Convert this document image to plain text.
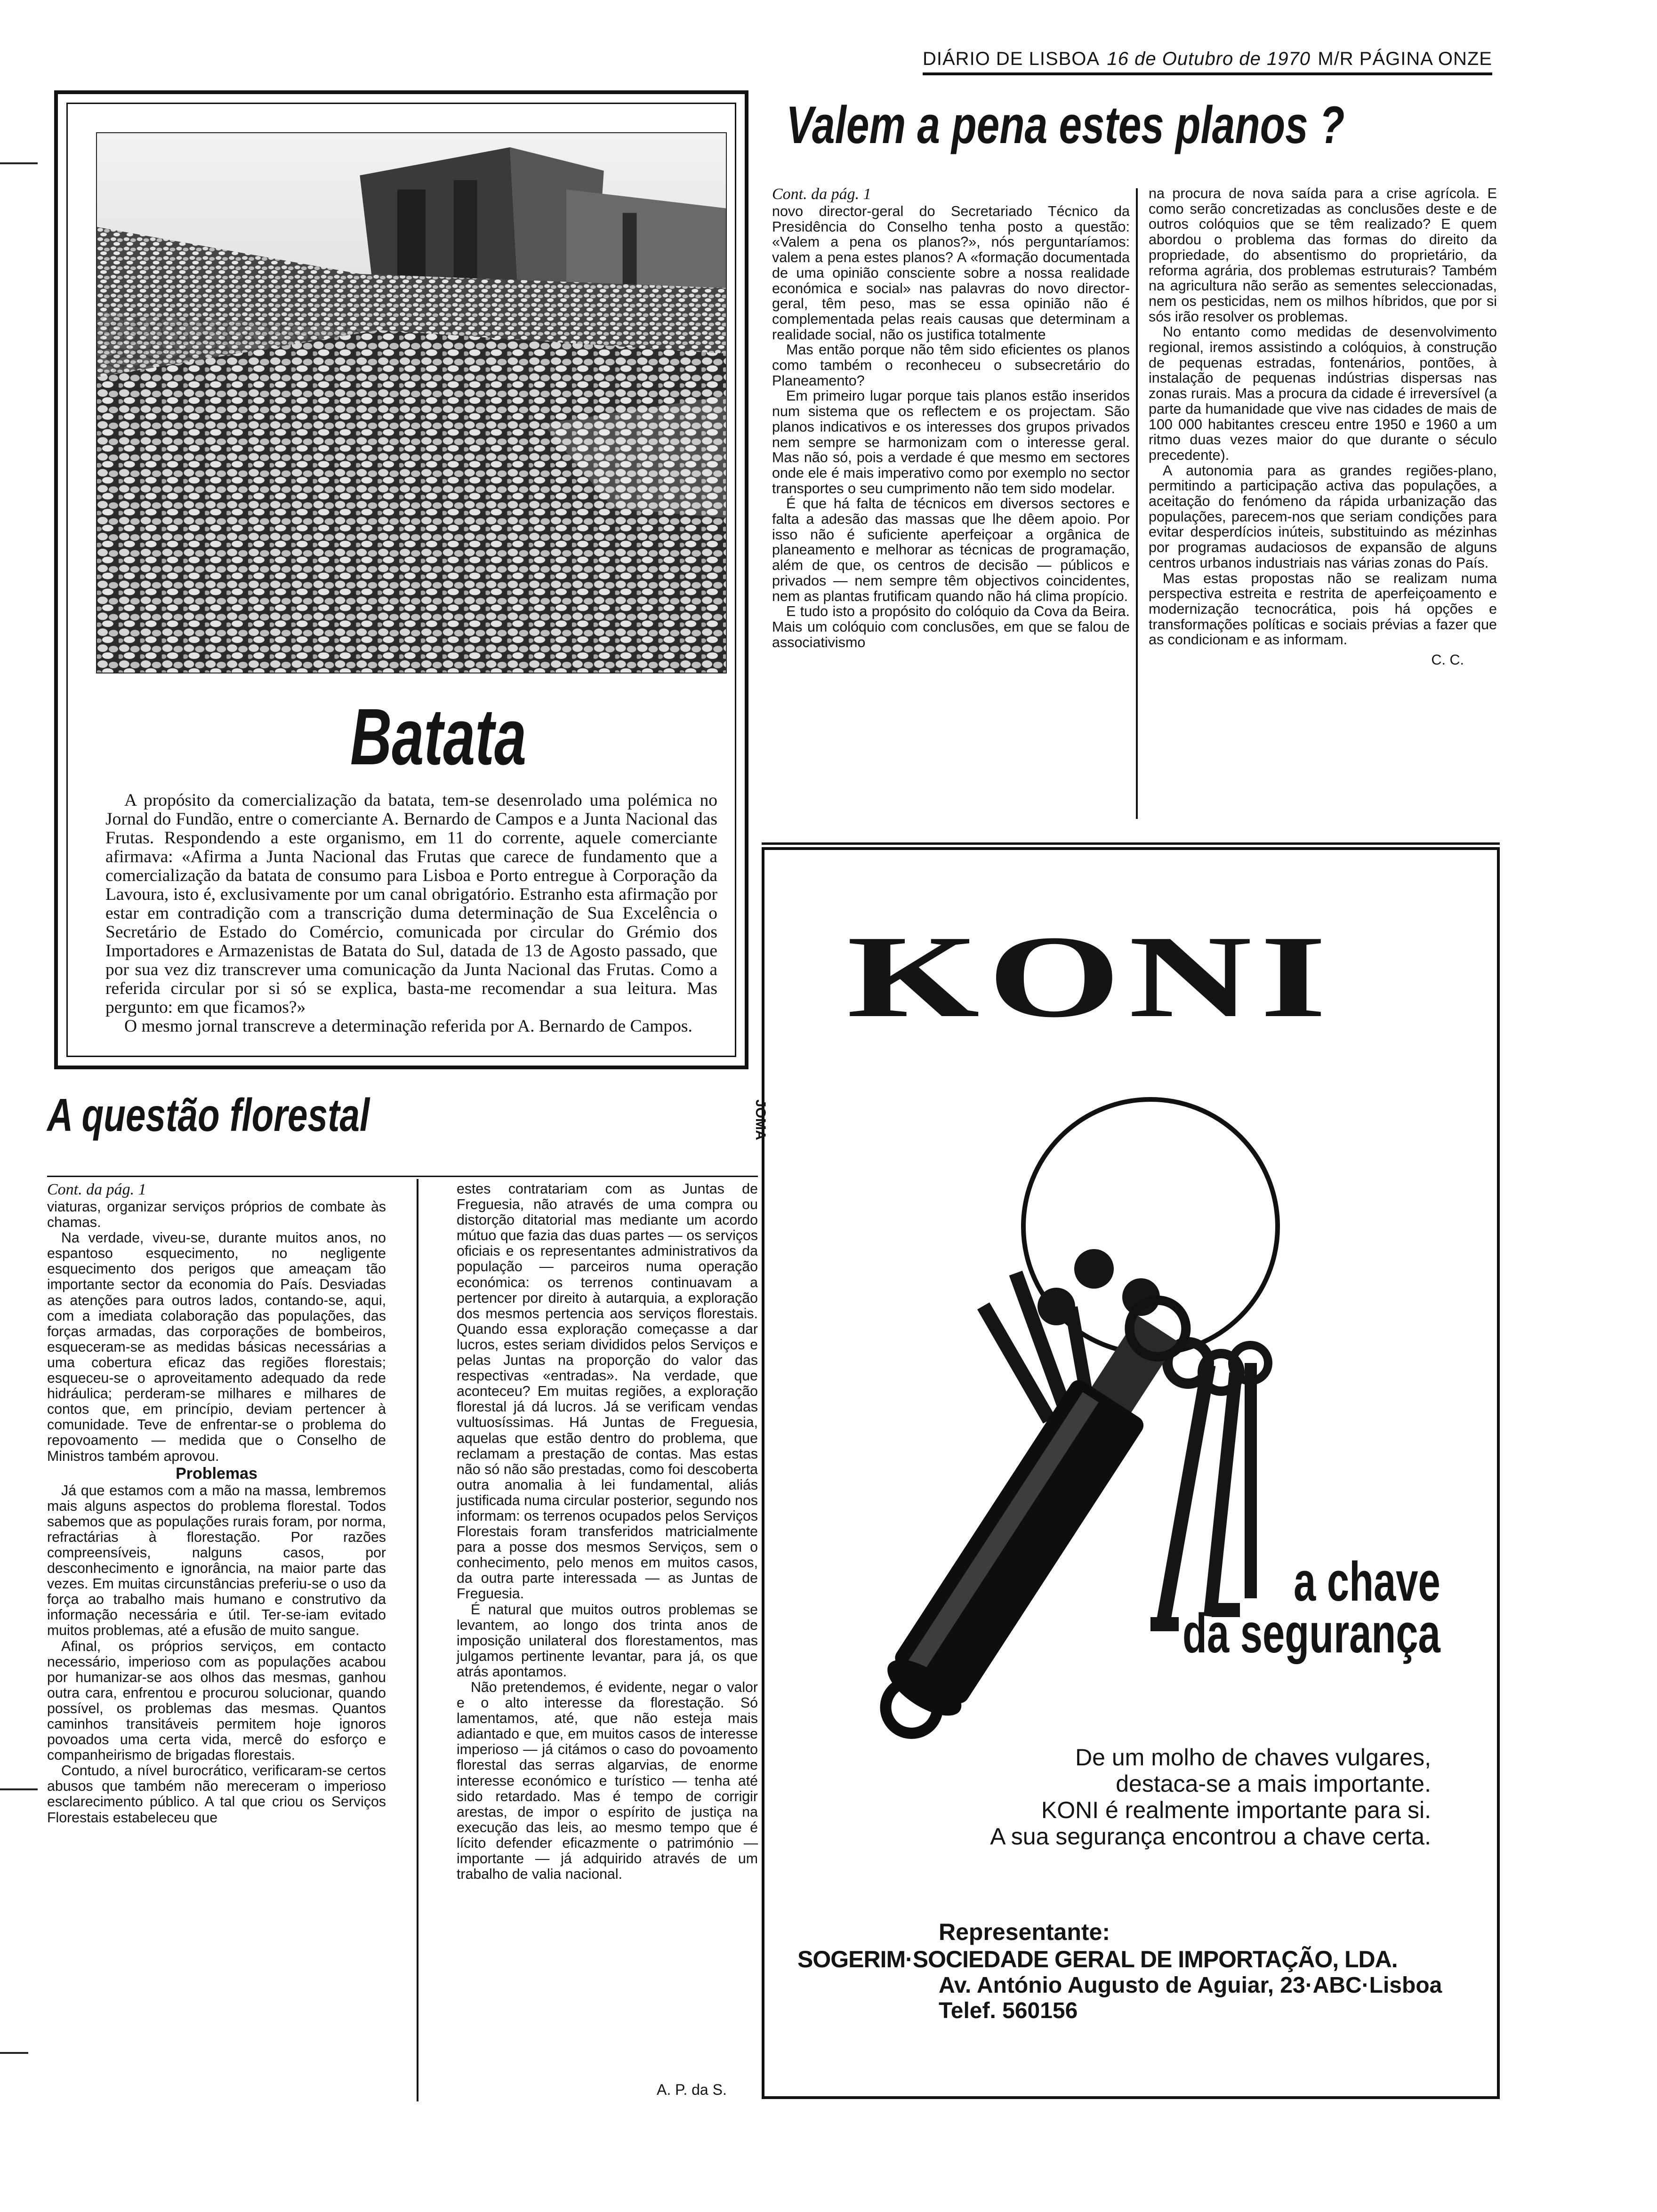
DIÁRIO DE LISBOA 16 de Outubro de 1970 M/R PÁGINA ONZE
Batata

A propósito da comercialização da batata, tem-se desenrolado uma polémica no Jornal do Fundão, entre o comerciante A. Bernardo de Campos e a Junta Nacional das Frutas. Respondendo a este organismo, em 11 do corrente, aquele comerciante afirmava: «Afirma a Junta Nacional das Frutas que carece de fundamento que a comercialização da batata de consumo para Lisboa e Porto entregue à Corporação da Lavoura, isto é, exclusivamente por um canal obrigatório. Estranho esta afirmação por estar em contradição com a transcrição duma determinação de Sua Excelência o Secretário de Estado do Comércio, comunicada por circular do Grémio dos Importadores e Armazenistas de Batata do Sul, datada de 13 de Agosto passado, que por sua vez diz transcrever uma comunicação da Junta Nacional das Frutas. Como a referida circular por si só se explica, basta-me recomendar a sua leitura. Mas pergunto: em que ficamos?»

O mesmo jornal transcreve a determinação referida por A. Bernardo de Campos.

Valem a pena estes planos ?
Cont. da pág. 1

novo director-geral do Secretariado Técnico da Presidência do Conselho tenha posto a questão: «Valem a pena os planos?», nós perguntaríamos: valem a pena estes planos? A «formação documentada de uma opinião consciente sobre a nossa realidade económica e social» nas palavras do novo director-geral, têm peso, mas se essa opinião não é complementada pelas reais causas que determinam a realidade social, não os justifica totalmente

Mas então porque não têm sido eficientes os planos como também o reconheceu o subsecretário do Planeamento?

Em primeiro lugar porque tais planos estão inseridos num sistema que os reflectem e os projectam. São planos indicativos e os interesses dos grupos privados nem sempre se harmonizam com o interesse geral. Mas não só, pois a verdade é que mesmo em sectores onde ele é mais imperativo como por exemplo no sector transportes o seu cumprimento não tem sido modelar.

É que há falta de técnicos em diversos sectores e falta a adesão das massas que lhe dêem apoio. Por isso não é suficiente aperfeiçoar a orgânica de planeamento e melhorar as técnicas de programação, além de que, os centros de decisão — públicos e privados — nem sempre têm objectivos coincidentes, nem as plantas frutificam quando não há clima propício.

E tudo isto a propósito do colóquio da Cova da Beira. Mais um colóquio com conclusões, em que se falou de associativismo

na procura de nova saída para a crise agrícola. E como serão concretizadas as conclusões deste e de outros colóquios que se têm realizado? E quem abordou o problema das formas do direito da propriedade, do absentismo do proprietário, da reforma agrária, dos problemas estruturais? Também na agricultura não serão as sementes seleccionadas, nem os pesticidas, nem os milhos híbridos, que por si sós irão resolver os problemas.

No entanto como medidas de desenvolvimento regional, iremos assistindo a colóquios, à construção de pequenas estradas, fontenários, pontões, à instalação de pequenas indústrias dispersas nas zonas rurais. Mas a procura da cidade é irreversível (a parte da humanidade que vive nas cidades de mais de 100 000 habitantes cresceu entre 1950 e 1960 a um ritmo duas vezes maior do que durante o século precedente).

A autonomia para as grandes regiões-plano, permitindo a participação activa das populações, a aceitação do fenómeno da rápida urbanização das populações, parecem-nos que seriam condições para evitar desperdícios inúteis, substituindo as mézinhas por programas audaciosos de expansão de alguns centros urbanos industriais nas várias zonas do País.

Mas estas propostas não se realizam numa perspectiva estreita e restrita de aperfeiçoamento e modernização tecnocrática, pois há opções e transformações políticas e sociais prévias a fazer que as condicionam e as informam.

C. C.
KONI
JOMA
a chave
da segurança
De um molho de chaves vulgares,
destaca-se a mais importante.
KONI é realmente importante para si.
A sua segurança encontrou a chave certa.
Representante:
SOGERIM·SOCIEDADE GERAL DE IMPORTAÇÃO, LDA.
Av. António Augusto de Aguiar, 23·ABC·Lisboa
Telef. 560156
A questão florestal
Cont. da pág. 1

viaturas, organizar serviços próprios de combate às chamas.

Na verdade, viveu-se, durante muitos anos, no espantoso esquecimento, no negligente esquecimento dos perigos que ameaçam tão importante sector da economia do País. Desviadas as atenções para outros lados, contando-se, aqui, com a imediata colaboração das populações, das forças armadas, das corporações de bombeiros, esqueceram-se as medidas básicas necessárias a uma cobertura eficaz das regiões florestais; esqueceu-se o aproveitamento adequado da rede hidráulica; perderam-se milhares e milhares de contos que, em princípio, deviam pertencer à comunidade. Teve de enfrentar-se o problema do repovoamento — medida que o Conselho de Ministros também aprovou.

Problemas

Já que estamos com a mão na massa, lembremos mais alguns aspectos do problema florestal. Todos sabemos que as populações rurais foram, por norma, refractárias à florestação. Por razões compreensíveis, nalguns casos, por desconhecimento e ignorância, na maior parte das vezes. Em muitas circunstâncias preferiu-se o uso da força ao trabalho mais humano e construtivo da informação necessária e útil. Ter-se-iam evitado muitos problemas, até a efusão de muito sangue.

Afinal, os próprios serviços, em contacto necessário, imperioso com as populações acabou por humanizar-se aos olhos das mesmas, ganhou outra cara, enfrentou e procurou solucionar, quando possível, os problemas das mesmas. Quantos caminhos transitáveis permitem hoje ignoros povoados uma certa vida, mercê do esforço e companheirismo de brigadas florestais.

Contudo, a nível burocrático, verificaram-se certos abusos que também não mereceram o imperioso esclarecimento público. A tal que criou os Serviços Florestais estabeleceu que

estes contratariam com as Juntas de Freguesia, não através de uma compra ou distorção ditatorial mas mediante um acordo mútuo que fazia das duas partes — os serviços oficiais e os representantes administrativos da população — parceiros numa operação económica: os terrenos continuavam a pertencer por direito à autarquia, a exploração dos mesmos pertencia aos serviços florestais. Quando essa exploração começasse a dar lucros, estes seriam divididos pelos Serviços e pelas Juntas na proporção do valor das respectivas «entradas». Na verdade, que aconteceu? Em muitas regiões, a exploração florestal já dá lucros. Já se verificam vendas vultuosíssimas. Há Juntas de Freguesia, aquelas que estão dentro do problema, que reclamam a prestação de contas. Mas estas não só não são prestadas, como foi descoberta outra anomalia à lei fundamental, aliás justificada numa circular posterior, segundo nos informam: os terrenos ocupados pelos Serviços Florestais foram transferidos matricialmente para a posse dos mesmos Serviços, sem o conhecimento, pelo menos em muitos casos, da outra parte interessada — as Juntas de Freguesia.

É natural que muitos outros problemas se levantem, ao longo dos trinta anos de imposição unilateral dos florestamentos, mas julgamos pertinente levantar, para já, os que atrás apontamos.

Não pretendemos, é evidente, negar o valor e o alto interesse da florestação. Só lamentamos, até, que não esteja mais adiantado e que, em muitos casos de interesse imperioso — já citámos o caso do povoamento florestal das serras algarvias, de enorme interesse económico e turístico — tenha até sido retardado. Mas é tempo de corrigir arestas, de impor o espírito de justiça na execução das leis, ao mesmo tempo que é lícito defender eficazmente o património — importante — já adquirido através de um trabalho de valia nacional.

A. P. da S.
